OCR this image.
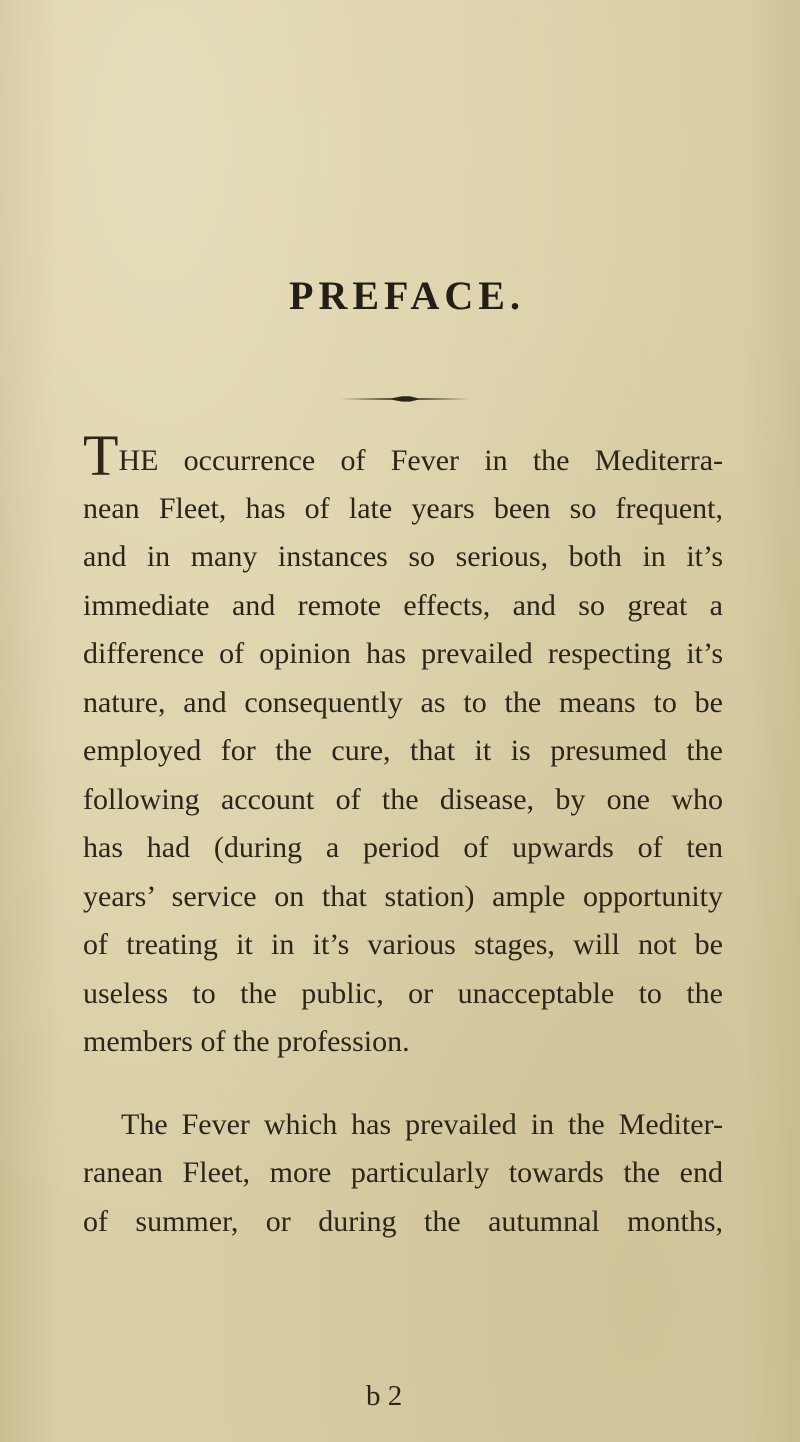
PREFACE.
THE occurrence of Fever in the Mediterra-
nean Fleet, has of late years been so frequent,
and in many instances so serious, both in it’s
immediate and remote effects, and so great a
difference of opinion has prevailed respecting it’s
nature, and consequently as to the means to be
employed for the cure, that it is presumed the
following account of the disease, by one who
has had (during a period of upwards of ten
years’ service on that station) ample opportunity
of treating it in it’s various stages, will not be
useless to the public, or unacceptable to the
members of the profession.
The Fever which has prevailed in the Mediter-
ranean Fleet, more particularly towards the end
of summer, or during the autumnal months,
b 2
